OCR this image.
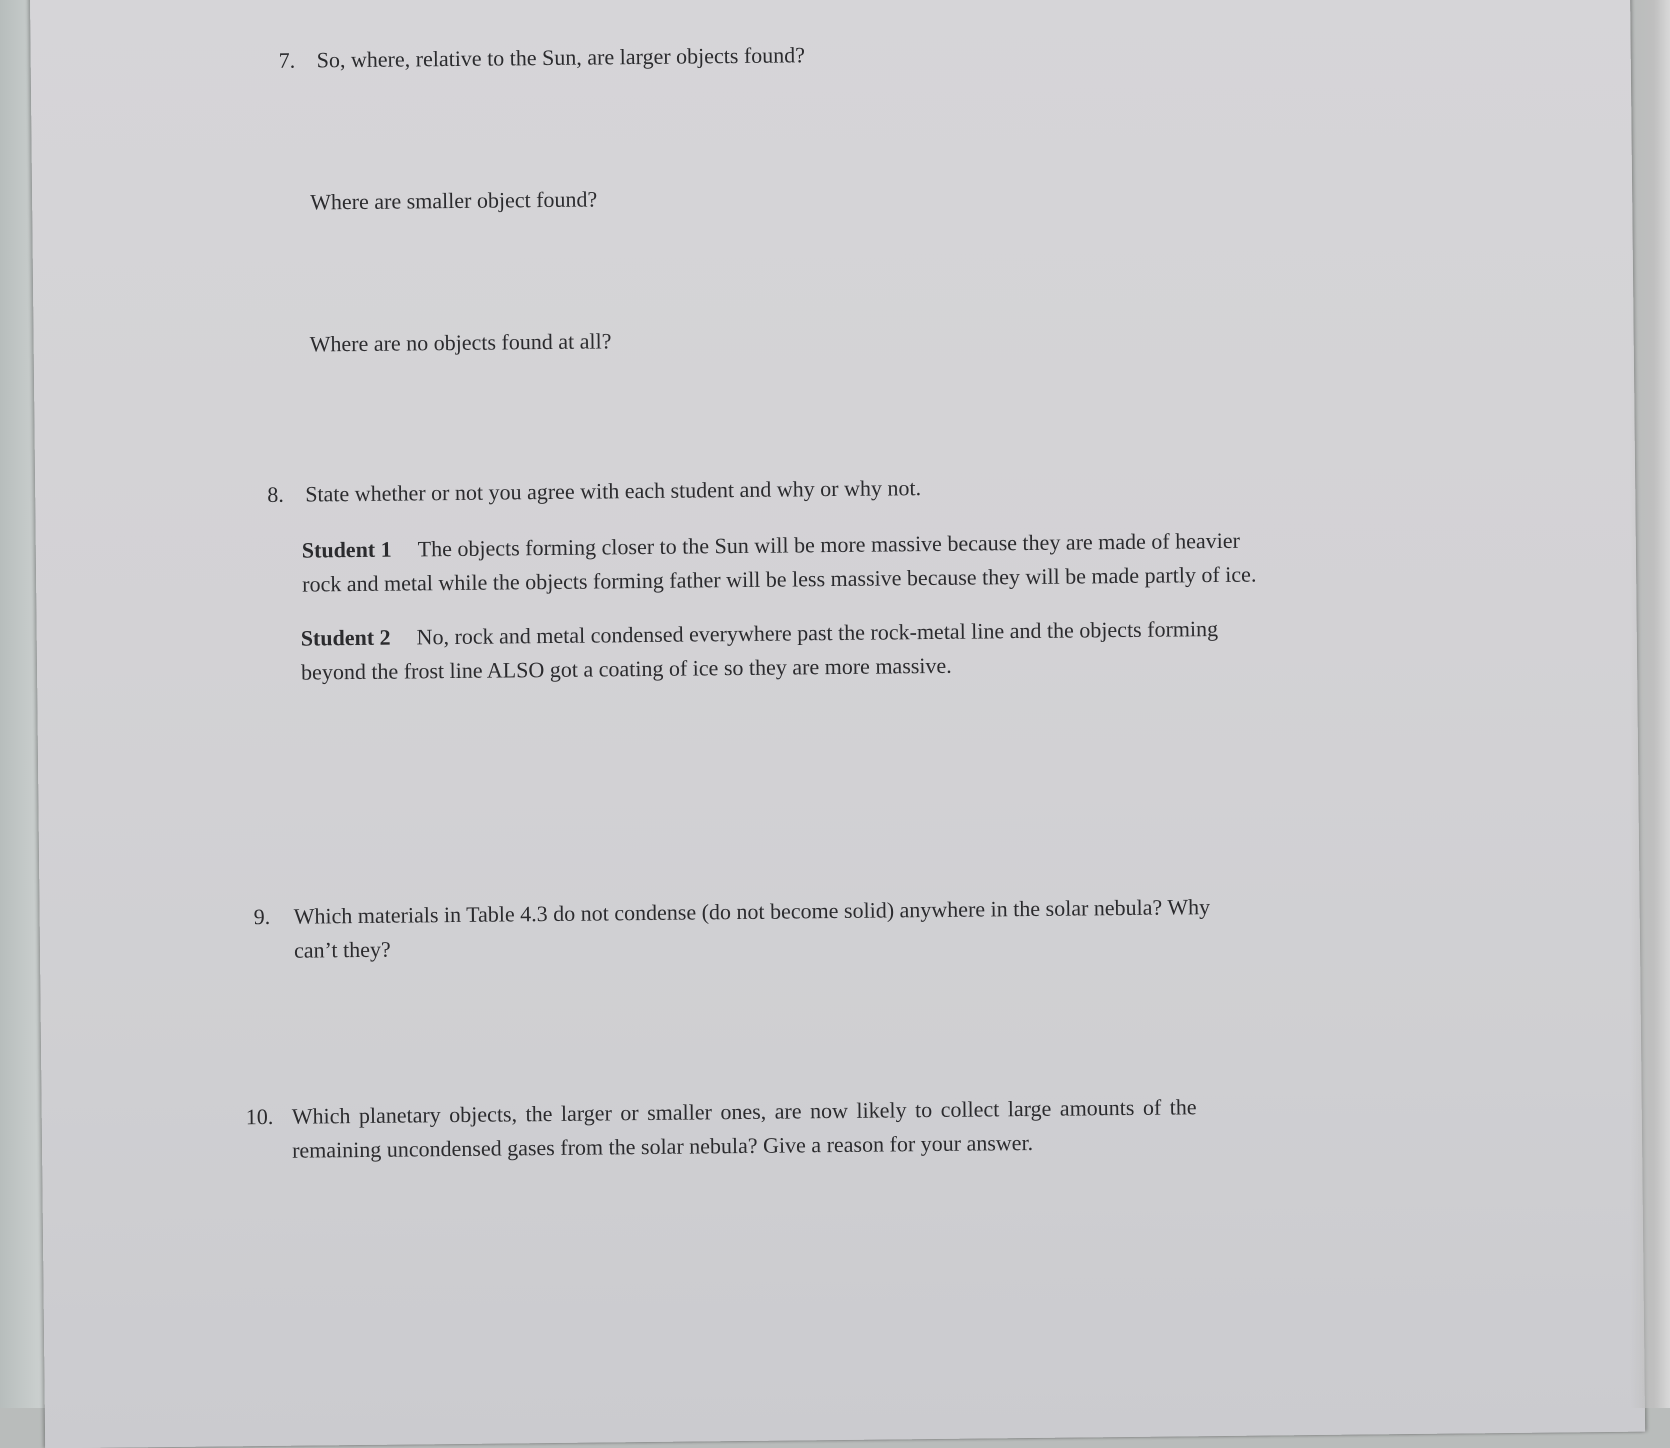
7. So, where, relative to the Sun, are larger objects found?
Where are smaller object found?
Where are no objects found at all?
8. State whether or not you agree with each student and why or why not.
Student 1 The objects forming closer to the Sun will be more massive because they are made of heavier
rock and metal while the objects forming father will be less massive because they will be made partly of ice.
Student 2 No, rock and metal condensed everywhere past the rock-metal line and the objects forming
beyond the frost line ALSO got a coating of ice so they are more massive.
9. Which materials in Table 4.3 do not condense (do not become solid) anywhere in the solar nebula? Why
can’t they?
10. Which planetary objects, the larger or smaller ones, are now likely to collect large amounts of the
remaining uncondensed gases from the solar nebula? Give a reason for your answer.
